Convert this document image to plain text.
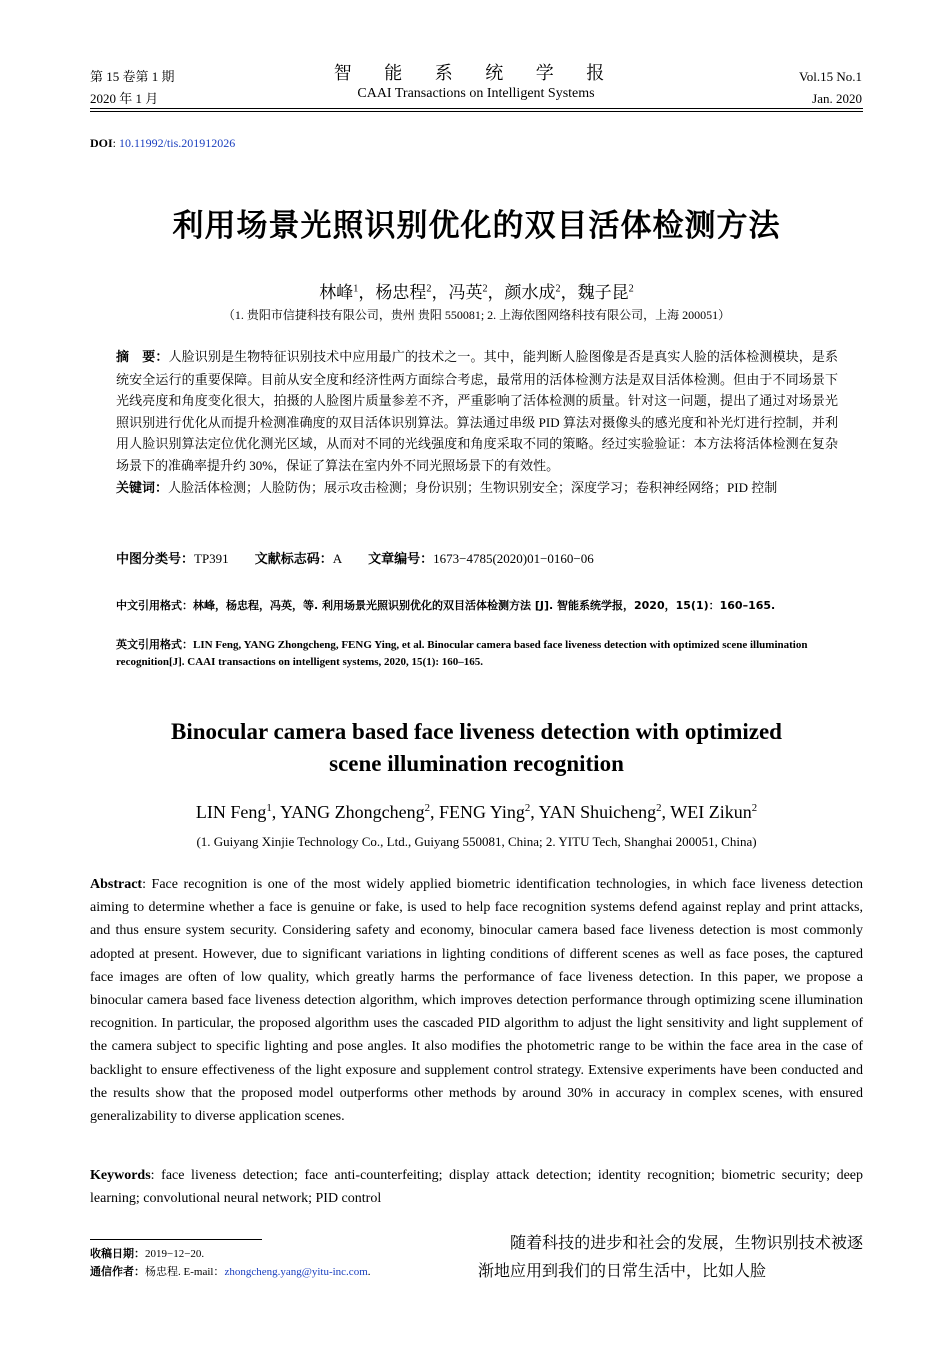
第 15 卷第 1 期
2020 年 1 月
智 能 系 统 学 报
CAAI Transactions on Intelligent Systems
Vol.15 No.1
Jan. 2020
DOI: 10.11992/tis.201912026
利用场景光照识别优化的双目活体检测方法
林峰$^1$，杨忠程$^2$，冯英$^2$，颜水成$^2$，魏子昆$^2$
（1. 贵阳市信捷科技有限公司，贵州 贵阳 550081; 2. 上海依图网络科技有限公司，上海 200051）
摘　要：人脸识别是生物特征识别技术中应用最广的技术之一。其中，能判断人脸图像是否是真实人脸的活体检测模块，是系统安全运行的重要保障。目前从安全度和经济性两方面综合考虑，最常用的活体检测方法是双目活体检测。但由于不同场景下光线亮度和角度变化很大，拍摄的人脸图片质量参差不齐，严重影响了活体检测的质量。针对这一问题，提出了通过对场景光照识别进行优化从而提升检测准确度的双目活体识别算法。算法通过串级 PID 算法对摄像头的感光度和补光灯进行控制，并利用人脸识别算法定位优化测光区域，从而对不同的光线强度和角度采取不同的策略。经过实验验证：本方法将活体检测在复杂场景下的准确率提升约 30%，保证了算法在室内外不同光照场景下的有效性。
关键词：人脸活体检测；人脸防伪；展示攻击检测；身份识别；生物识别安全；深度学习；卷积神经网络；PID 控制
中图分类号：TP391 文献标志码：A 文章编号：1673−4785(2020)01−0160−06
中文引用格式：林峰，杨忠程，冯英，等. 利用场景光照识别优化的双目活体检测方法 [J]. 智能系统学报，2020，15(1)：160–165.
英文引用格式：LIN Feng, YANG Zhongcheng, FENG Ying, et al. Binocular camera based face liveness detection with optimized scene illumination recognition[J]. CAAI transactions on intelligent systems, 2020, 15(1): 160–165.
Binocular camera based face liveness detection with optimized
scene illumination recognition
LIN Feng$^1$, YANG Zhongcheng$^2$, FENG Ying$^2$, YAN Shuicheng$^2$, WEI Zikun$^2$
(1. Guiyang Xinjie Technology Co., Ltd., Guiyang 550081, China; 2. YITU Tech, Shanghai 200051, China)
Abstract: Face recognition is one of the most widely applied biometric identification technologies, in which face liveness detection aiming to determine whether a face is genuine or fake, is used to help face recognition systems defend against replay and print attacks, and thus ensure system security. Considering safety and economy, binocular camera based face liveness detection is most commonly adopted at present. However, due to significant variations in lighting conditions of different scenes as well as face poses, the captured face images are often of low quality, which greatly harms the performance of face liveness detection. In this paper, we propose a binocular camera based face liveness detection algorithm, which improves detection performance through optimizing scene illumination recognition. In particular, the proposed algorithm uses the cascaded PID algorithm to adjust the light sensitivity and light supplement of the camera subject to specific lighting and pose angles. It also modifies the photometric range to be within the face area in the case of backlight to ensure effectiveness of the light exposure and supplement control strategy. Extensive experiments have been conducted and the results show that the proposed model outperforms other methods by around 30% in accuracy in complex scenes, with ensured generalizability to diverse application scenes.
Keywords: face liveness detection; face anti-counterfeiting; display attack detection; identity recognition; biometric security; deep learning; convolutional neural network; PID control
收稿日期：2019−12−20.
通信作者：杨忠程. E-mail：zhongcheng.yang@yitu-inc.com.
随着科技的进步和社会的发展，生物识别技术被逐渐地应用到我们的日常生活中，比如人脸
